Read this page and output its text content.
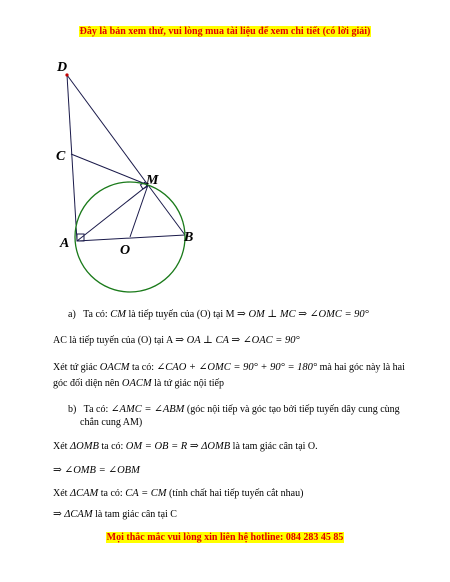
Đây là bản xem thử, vui lòng mua tài liệu để xem chi tiết (có lời giải)
D
C
M
A	O
B
a) Ta có: CM là tiếp tuyến của (O) tại M ⇒ OM ⊥ MC ⇒ ∠OMC = 90°
AC là tiếp tuyến của (O) tại A ⇒ OA ⊥ CA ⇒ ∠OAC = 90°
Xét tứ giác OACM ta có: ∠CAO + ∠OMC = 90° + 90° = 180° mà hai góc này là hai
góc đối diện nên OACM là tứ giác nội tiếp
b) Ta có: ∠AMC = ∠ABM (góc nội tiếp và góc tạo bởi tiếp tuyến dây cung cùng
chắn cung AM)
Xét ΔOMB ta có: OM = OB = R ⇒ ΔOMB là tam giác cân tại O.
⇒ ∠OMB = ∠OBM
Xét ΔCAM ta có: CA = CM (tính chất hai tiếp tuyến cắt nhau)
⇒ ΔCAM là tam giác cân tại C
Mọi thắc mắc vui lòng xin liên hệ hotline: 084 283 45 85
